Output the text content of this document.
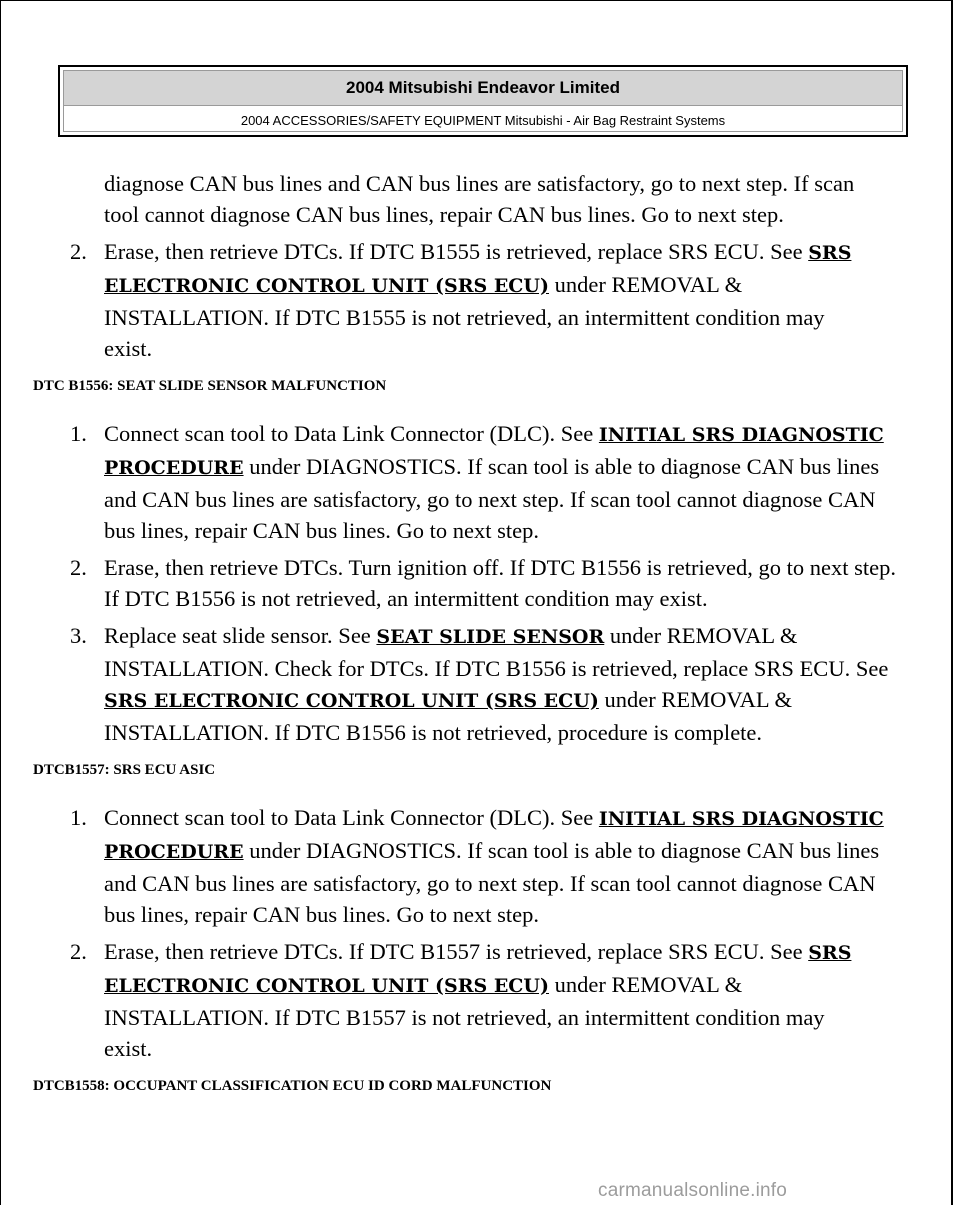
2004 Mitsubishi Endeavor Limited
2004 ACCESSORIES/SAFETY EQUIPMENT Mitsubishi - Air Bag Restraint Systems
diagnose CAN bus lines and CAN bus lines are satisfactory, go to next step. If scan tool cannot diagnose CAN bus lines, repair CAN bus lines. Go to next step.
2. Erase, then retrieve DTCs. If DTC B1555 is retrieved, replace SRS ECU. See SRS ELECTRONIC CONTROL UNIT (SRS ECU) under REMOVAL & INSTALLATION. If DTC B1555 is not retrieved, an intermittent condition may exist.

DTC B1556: SEAT SLIDE SENSOR MALFUNCTION

1. Connect scan tool to Data Link Connector (DLC). See INITIAL SRS DIAGNOSTIC PROCEDURE under DIAGNOSTICS. If scan tool is able to diagnose CAN bus lines and CAN bus lines are satisfactory, go to next step. If scan tool cannot diagnose CAN bus lines, repair CAN bus lines. Go to next step.
2. Erase, then retrieve DTCs. Turn ignition off. If DTC B1556 is retrieved, go to next step. If DTC B1556 is not retrieved, an intermittent condition may exist.
3. Replace seat slide sensor. See SEAT SLIDE SENSOR under REMOVAL & INSTALLATION. Check for DTCs. If DTC B1556 is retrieved, replace SRS ECU. See SRS ELECTRONIC CONTROL UNIT (SRS ECU) under REMOVAL & INSTALLATION. If DTC B1556 is not retrieved, procedure is complete.

DTCB1557: SRS ECU ASIC

1. Connect scan tool to Data Link Connector (DLC). See INITIAL SRS DIAGNOSTIC PROCEDURE under DIAGNOSTICS. If scan tool is able to diagnose CAN bus lines and CAN bus lines are satisfactory, go to next step. If scan tool cannot diagnose CAN bus lines, repair CAN bus lines. Go to next step.
2. Erase, then retrieve DTCs. If DTC B1557 is retrieved, replace SRS ECU. See SRS ELECTRONIC CONTROL UNIT (SRS ECU) under REMOVAL & INSTALLATION. If DTC B1557 is not retrieved, an intermittent condition may exist.

DTCB1558: OCCUPANT CLASSIFICATION ECU ID CORD MALFUNCTION

carmanualsonline.info
